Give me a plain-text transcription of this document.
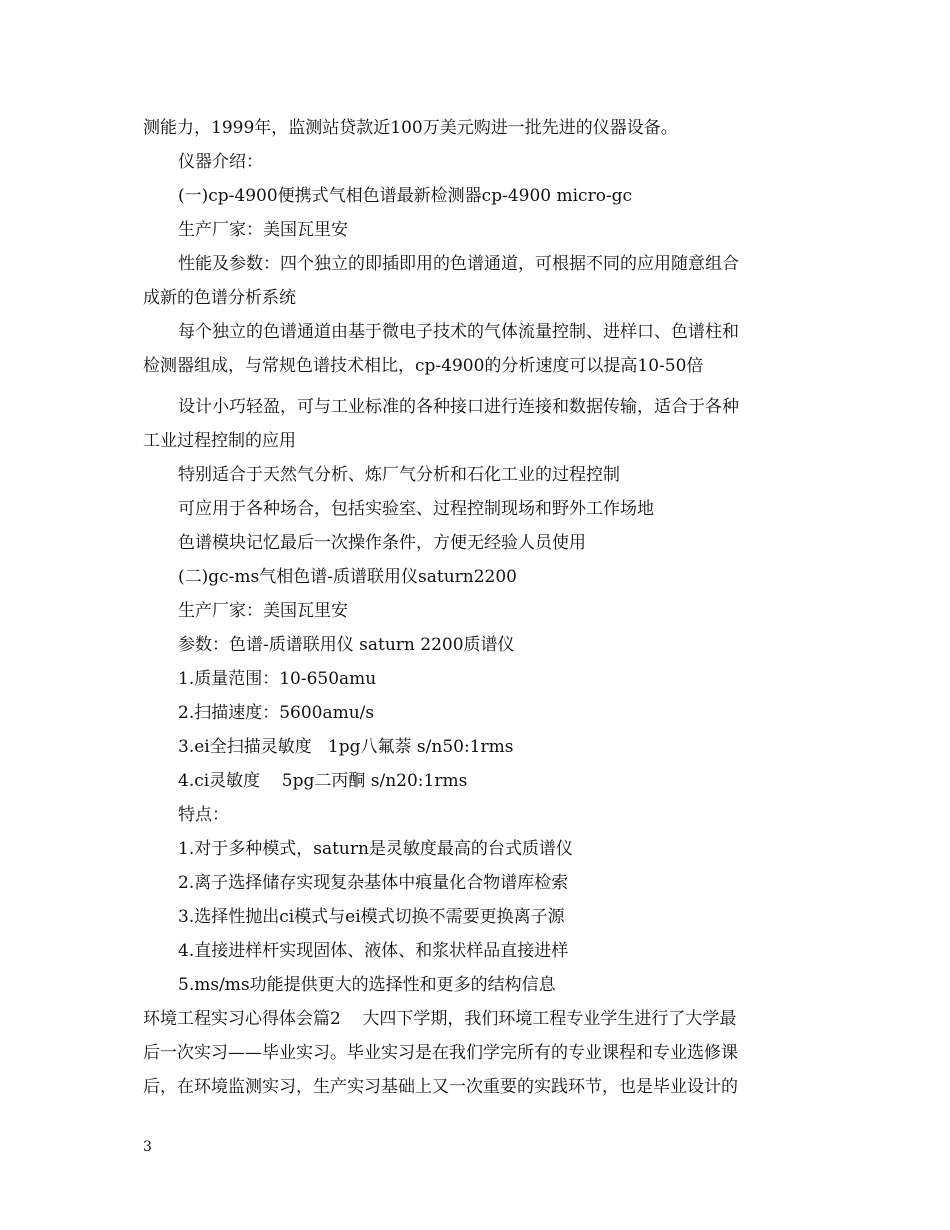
测能力，1999年，监测站贷款近100万美元购进一批先进的仪器设备。
仪器介绍：
(一)cp-4900便携式气相色谱最新检测器cp-4900 micro-gc
生产厂家：美国瓦里安
性能及参数：四个独立的即插即用的色谱通道，可根据不同的应用随意组合
成新的色谱分析系统
每个独立的色谱通道由基于微电子技术的气体流量控制、进样口、色谱柱和
检测器组成，与常规色谱技术相比，cp-4900的分析速度可以提高10-50倍
设计小巧轻盈，可与工业标准的各种接口进行连接和数据传输，适合于各种
工业过程控制的应用
特别适合于天然气分析、炼厂气分析和石化工业的过程控制
可应用于各种场合，包括实验室、过程控制现场和野外工作场地
色谱模块记忆最后一次操作条件，方便无经验人员使用
(二)gc-ms气相色谱-质谱联用仪saturn2200
生产厂家：美国瓦里安
参数：色谱-质谱联用仪 saturn 2200质谱仪
1.质量范围：10-650amu
2.扫描速度：5600amu/s
3.ei全扫描灵敏度   1pg八氟萘 s/n50:1rms
4.ci灵敏度    5pg二丙酮 s/n20:1rms
特点：
1.对于多种模式，saturn是灵敏度最高的台式质谱仪
2.离子选择储存实现复杂基体中痕量化合物谱库检索
3.选择性抛出ci模式与ei模式切换不需要更换离子源
4.直接进样杆实现固体、液体、和浆状样品直接进样
5.ms/ms功能提供更大的选择性和更多的结构信息
环境工程实习心得体会篇2    大四下学期，我们环境工程专业学生进行了大学最
后一次实习——毕业实习。毕业实习是在我们学完所有的专业课程和专业选修课
后，在环境监测实习，生产实习基础上又一次重要的实践环节，也是毕业设计的
3
